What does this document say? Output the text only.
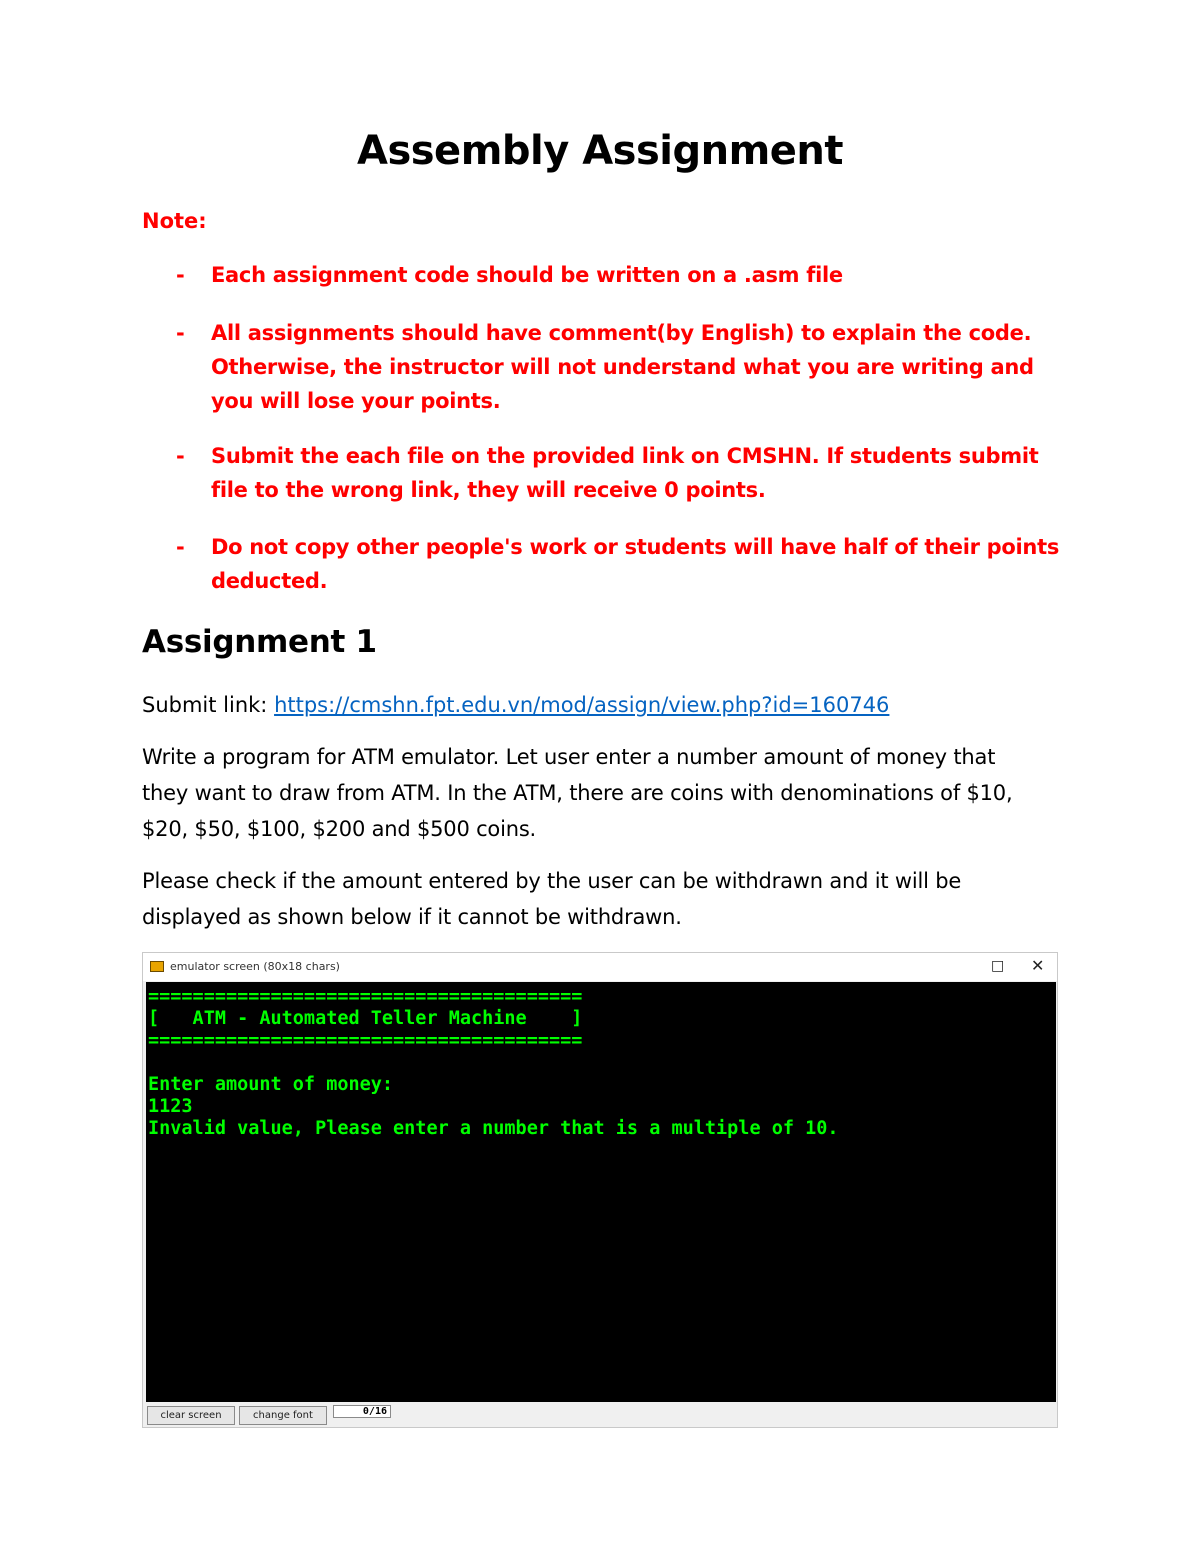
Assembly Assignment
Note:
- Each assignment code should be written on a .asm file
- All assignments should have comment(by English) to explain the code. Otherwise, the instructor will not understand what you are writing and you will lose your points.
- Submit the each file on the provided link on CMSHN. If students submit file to the wrong link, they will receive 0 points.
- Do not copy other people's work or students will have half of their points deducted.
Assignment 1
Submit link: https://cmshn.fpt.edu.vn/mod/assign/view.php?id=160746
Write a program for ATM emulator. Let user enter a number amount of money that they want to draw from ATM. In the ATM, there are coins with denominations of $10, $20, $50, $100, $200 and $500 coins.
Please check if the amount entered by the user can be withdrawn and it will be displayed as shown below if it cannot be withdrawn.
emulator screen (80x18 chars)	□ ✕
=======================================
[   ATM - Automated Teller Machine    ]
=======================================
Enter amount of money:
1123
Invalid value, Please enter a number that is a multiple of 10.
clear screen	change font	0/16
